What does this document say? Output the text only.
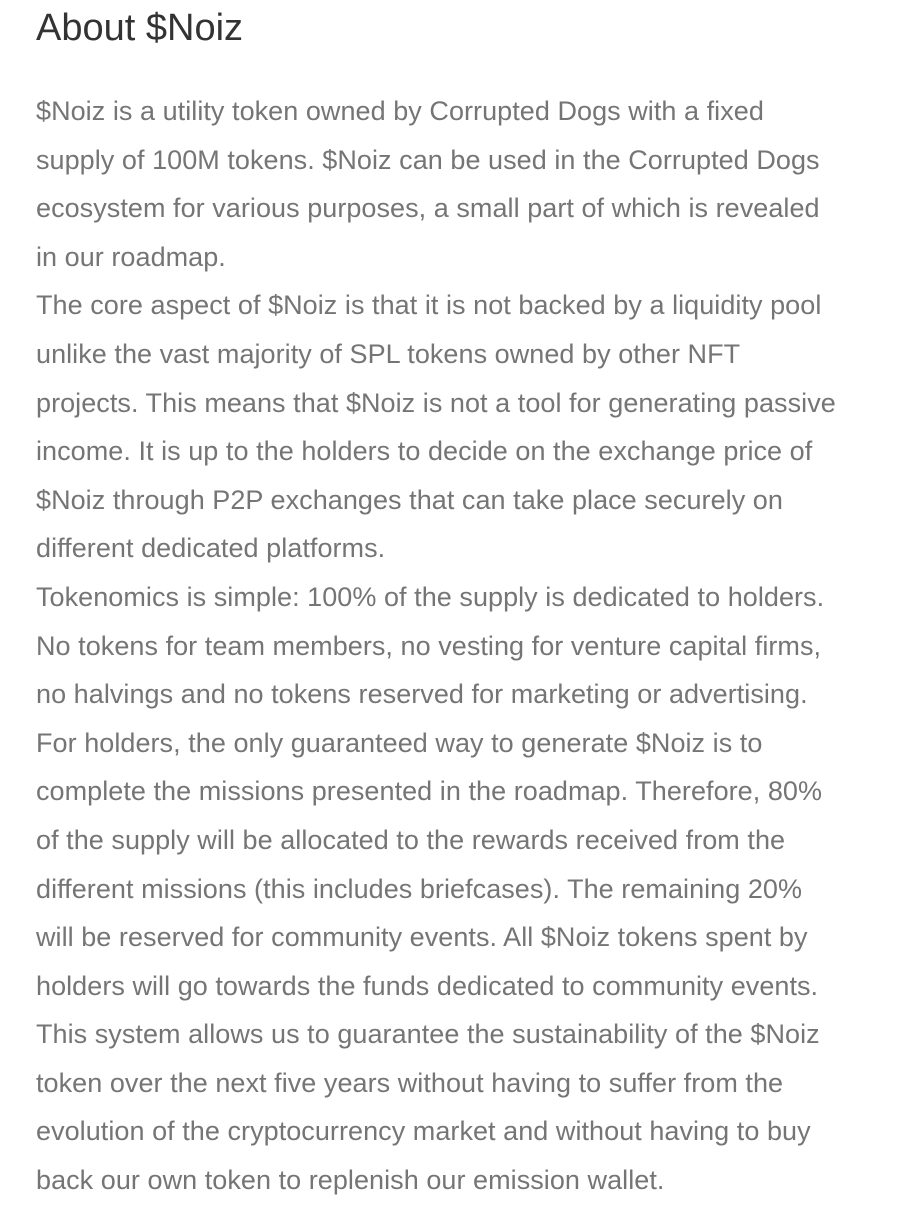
About $Noiz
$Noiz is a utility token owned by Corrupted Dogs with a fixed
supply of 100M tokens. $Noiz can be used in the Corrupted Dogs
ecosystem for various purposes, a small part of which is revealed
in our roadmap.
The core aspect of $Noiz is that it is not backed by a liquidity pool
unlike the vast majority of SPL tokens owned by other NFT
projects. This means that $Noiz is not a tool for generating passive
income. It is up to the holders to decide on the exchange price of
$Noiz through P2P exchanges that can take place securely on
different dedicated platforms.
Tokenomics is simple: 100% of the supply is dedicated to holders.
No tokens for team members, no vesting for venture capital firms,
no halvings and no tokens reserved for marketing or advertising.
For holders, the only guaranteed way to generate $Noiz is to
complete the missions presented in the roadmap. Therefore, 80%
of the supply will be allocated to the rewards received from the
different missions (this includes briefcases). The remaining 20%
will be reserved for community events. All $Noiz tokens spent by
holders will go towards the funds dedicated to community events.
This system allows us to guarantee the sustainability of the $Noiz
token over the next five years without having to suffer from the
evolution of the cryptocurrency market and without having to buy
back our own token to replenish our emission wallet.
